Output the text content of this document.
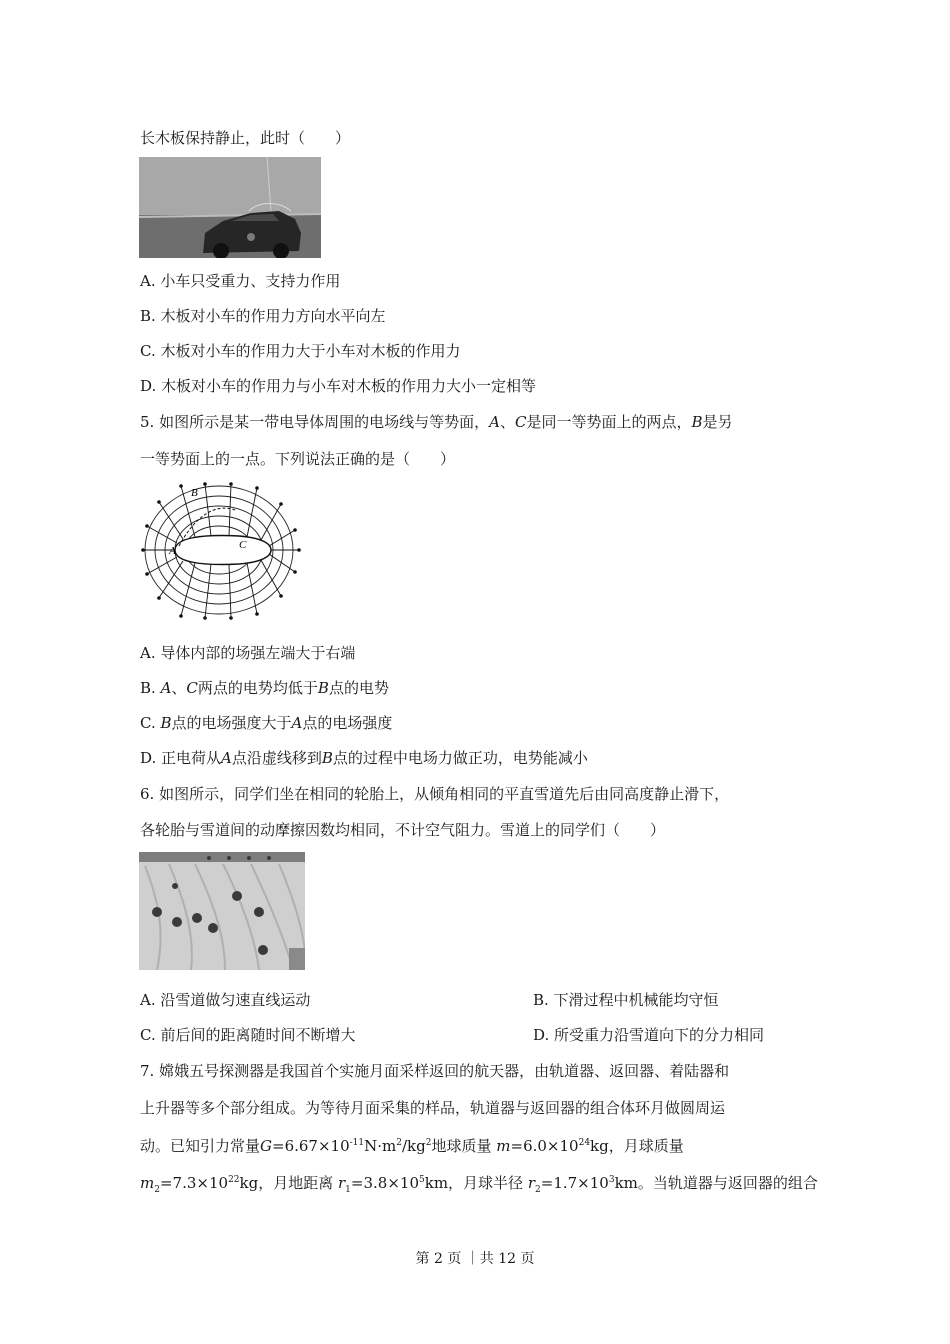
长木板保持静止，此时（　　）
A. 小车只受重力、支持力作用
B. 木板对小车的作用力方向水平向左
C. 木板对小车的作用力大于小车对木板的作用力
D. 木板对小车的作用力与小车对木板的作用力大小一定相等
5. 如图所示是某一带电导体周围的电场线与等势面，A、C是同一等势面上的两点，B是另
一等势面上的一点。下列说法正确的是（　　）
A
B
C
A. 导体内部的场强左端大于右端
B. A、C两点的电势均低于B点的电势
C. B点的电场强度大于A点的电场强度
D. 正电荷从A点沿虚线移到B点的过程中电场力做正功，电势能减小
6. 如图所示，同学们坐在相同的轮胎上，从倾角相同的平直雪道先后由同高度静止滑下，
各轮胎与雪道间的动摩擦因数均相同，不计空气阻力。雪道上的同学们（　　）
A. 沿雪道做匀速直线运动	B. 下滑过程中机械能均守恒
C. 前后间的距离随时间不断增大	D. 所受重力沿雪道向下的分力相同
7. 嫦娥五号探测器是我国首个实施月面采样返回的航天器，由轨道器、返回器、着陆器和
上升器等多个部分组成。为等待月面采集的样品，轨道器与返回器的组合体环月做圆周运
动。已知引力常量$G=6.67\times 10^{-11}N\cdot m^2/kg^2$地球质量 $m=6.0\times 10^{24}kg$，月球质量
$m_2=7.3\times 10^{22}kg$，月地距离 $r_1=3.8\times 10^5km$，月球半径 $r_2=1.7\times 10^3km$。当轨道器与返回器的组合
第 2 页 ｜共 12 页
